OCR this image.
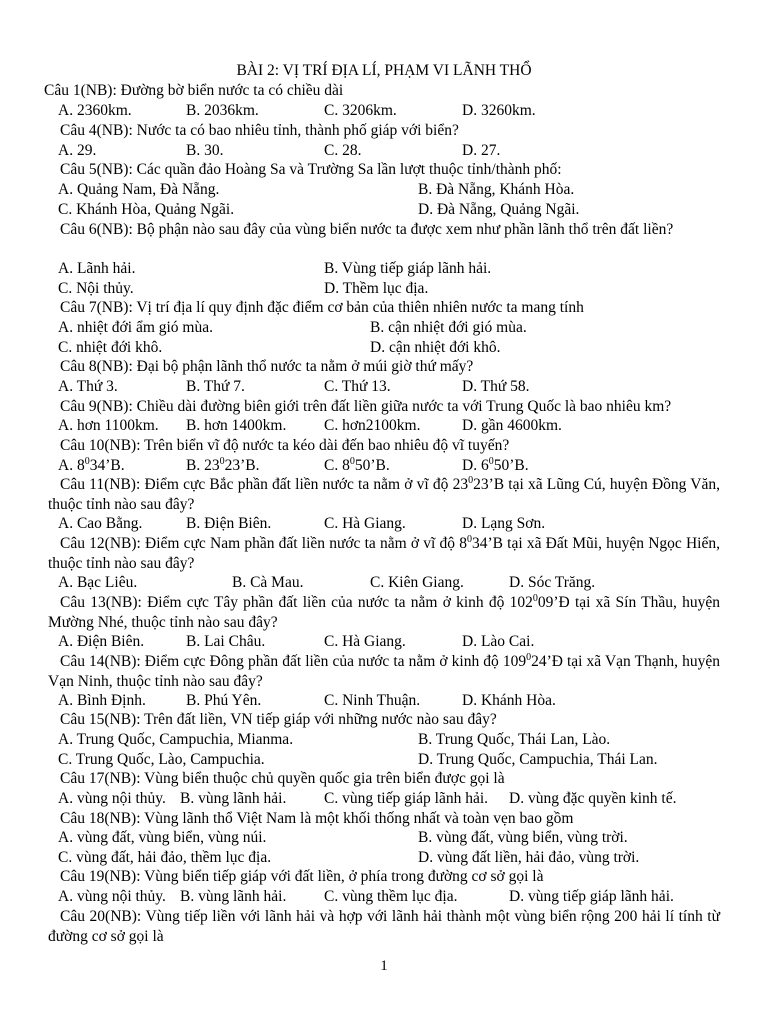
BÀI 2: VỊ TRÍ ĐỊA LÍ, PHẠM VI LÃNH THỔ
Câu 1(NB): Đường bờ biển nước ta có chiều dài
A. 2360km.	B. 2036km.	C. 3206km.	D. 3260km.
Câu 4(NB): Nước ta có bao nhiêu tỉnh, thành phố giáp với biển?
A. 29.	B. 30.	C. 28.	D. 27.
Câu 5(NB): Các quần đảo Hoàng Sa và Trường Sa lần lượt thuộc tỉnh/thành phố:
A. Quảng Nam, Đà Nẵng.	B. Đà Nẵng, Khánh Hòa.
C. Khánh Hòa, Quảng Ngãi.	D. Đà Nẵng, Quảng Ngãi.
Câu 6(NB): Bộ phận nào sau đây của vùng biển nước ta được xem như phần lãnh thổ trên đất liền?
A. Lãnh hải.	B. Vùng tiếp giáp lãnh hải.
C. Nội thủy.	D. Thềm lục địa.
Câu 7(NB): Vị trí địa lí quy định đặc điểm cơ bản của thiên nhiên nước ta mang tính
A. nhiệt đới ẩm gió mùa.	B. cận nhiệt đới gió mùa.
C. nhiệt đới khô.	D. cận nhiệt đới khô.
Câu 8(NB): Đại bộ phận lãnh thổ nước ta nằm ở múi giờ thứ mấy?
A. Thứ 3.	B. Thứ 7.	C. Thứ 13.	D. Thứ 58.
Câu 9(NB): Chiều dài đường biên giới trên đất liền giữa nước ta với Trung Quốc là bao nhiêu km?
A. hơn 1100km. B. hơn 1400km. C. hơn2100km.	D. gần 4600km.
Câu 10(NB): Trên biển vĩ độ nước ta kéo dài đến bao nhiêu độ vĩ tuyến?
A. $8^034’B$.	B. $23^023’B$.	C. $8^050’B$.	D. $6^050’B$.
Câu 11(NB): Điểm cực Bắc phần đất liền nước ta nằm ở vĩ độ $23^023’B$ tại xã Lũng Cú, huyện Đồng Văn, thuộc tỉnh nào sau đây?
A. Cao Bằng.	B. Điện Biên.	C. Hà Giang.	D. Lạng Sơn.
Câu 12(NB): Điểm cực Nam phần đất liền nước ta nằm ở vĩ độ $8^034’B$ tại xã Đất Mũi, huyện Ngọc Hiển, thuộc tỉnh nào sau đây?
A. Bạc Liêu.	B. Cà Mau.	C. Kiên Giang.	D. Sóc Trăng.
Câu 13(NB): Điểm cực Tây phần đất liền của nước ta nằm ở kinh độ $102^009’Đ$ tại xã Sín Thầu, huyện Mường Nhé, thuộc tỉnh nào sau đây?
A. Điện Biên.	B. Lai Châu.	C. Hà Giang.	D. Lào Cai.
Câu 14(NB): Điểm cực Đông phần đất liền của nước ta nằm ở kinh độ $109^024’Đ$ tại xã Vạn Thạnh, huyện Vạn Ninh, thuộc tỉnh nào sau đây?
A. Bình Định.	B. Phú Yên.	C. Ninh Thuận.	D. Khánh Hòa.
Câu 15(NB): Trên đất liền, VN tiếp giáp với những nước nào sau đây?
A. Trung Quốc, Campuchia, Mianma.	B. Trung Quốc, Thái Lan, Lào.
C. Trung Quốc, Lào, Campuchia.	D. Trung Quốc, Campuchia, Thái Lan.
Câu 17(NB): Vùng biển thuộc chủ quyền quốc gia trên biển được gọi là
A. vùng nội thủy. B. vùng lãnh hải. C. vùng tiếp giáp lãnh hải. D. vùng đặc quyền kinh tế.
Câu 18(NB): Vùng lãnh thổ Việt Nam là một khối thống nhất và toàn vẹn bao gồm
A. vùng đất, vùng biển, vùng núi.	B. vùng đất, vùng biển, vùng trời.
C. vùng đất, hải đảo, thềm lục địa.	D. vùng đất liền, hải đảo, vùng trời.
Câu 19(NB): Vùng biển tiếp giáp với đất liền, ở phía trong đường cơ sở gọi là
A. vùng nội thủy. B. vùng lãnh hải. C. vùng thềm lục địa.	D. vùng tiếp giáp lãnh hải.
Câu 20(NB): Vùng tiếp liền với lãnh hải và hợp với lãnh hải thành một vùng biển rộng 200 hải lí tính từ đường cơ sở gọi là
1
